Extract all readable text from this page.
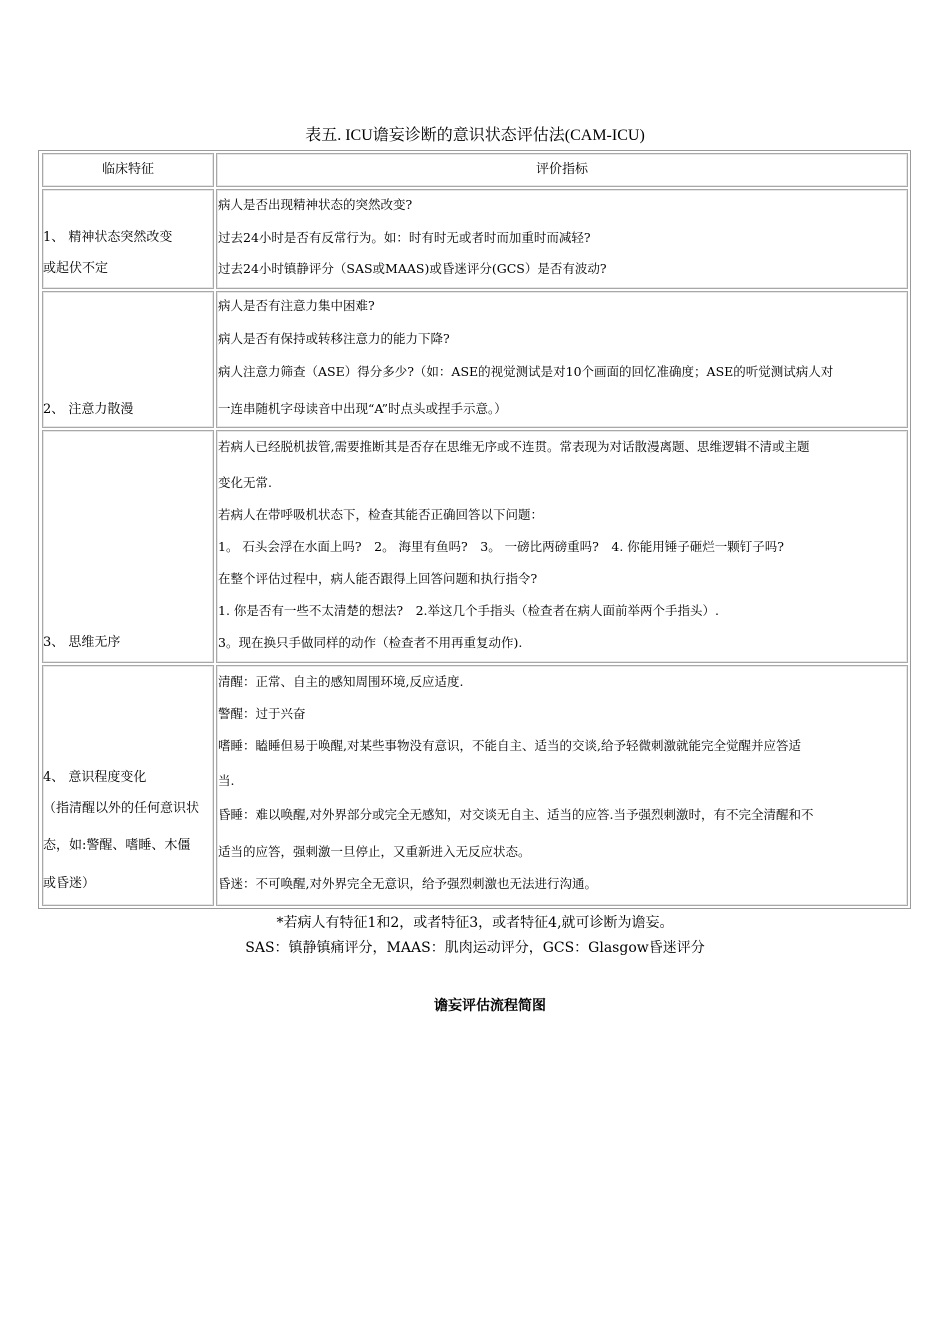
表五. ICU谵妄诊断的意识状态评估法(CAM-ICU)
临床特征	评价指标
1、 精神状态突然改变
或起伏不定
病人是否出现精神状态的突然改变?
过去24小时是否有反常行为。如：时有时无或者时而加重时而减轻?
过去24小时镇静评分（SAS或MAAS)或昏迷评分(GCS）是否有波动?
2、 注意力散漫
病人是否有注意力集中困难?
病人是否有保持或转移注意力的能力下降?
病人注意力筛查（ASE）得分多少?（如：ASE的视觉测试是对10个画面的回忆准确度；ASE的听觉测试病人对
一连串随机字母读音中出现“A”时点头或捏手示意。）
3、 思维无序
若病人已经脱机拔管,需要推断其是否存在思维无序或不连贯。常表现为对话散漫离题、思维逻辑不清或主题
变化无常.
若病人在带呼吸机状态下，检查其能否正确回答以下问题：
1。 石头会浮在水面上吗?　2。 海里有鱼吗?　3。 一磅比两磅重吗?　4. 你能用锤子砸烂一颗钉子吗?
在整个评估过程中，病人能否跟得上回答问题和执行指令?
1. 你是否有一些不太清楚的想法?　2.举这几个手指头（检查者在病人面前举两个手指头）.
3。现在换只手做同样的动作（检查者不用再重复动作).
4、 意识程度变化
（指清醒以外的任何意识状
态，如:警醒、嗜睡、木僵
或昏迷）
清醒：正常、自主的感知周围环境,反应适度.
警醒：过于兴奋
嗜睡：瞌睡但易于唤醒,对某些事物没有意识，不能自主、适当的交谈,给予轻微刺激就能完全觉醒并应答适
当.
昏睡：难以唤醒,对外界部分或完全无感知，对交谈无自主、适当的应答.当予强烈刺激时，有不完全清醒和不
适当的应答，强刺激一旦停止，又重新进入无反应状态。
昏迷：不可唤醒,对外界完全无意识，给予强烈刺激也无法进行沟通。
*若病人有特征1和2，或者特征3，或者特征4,就可诊断为谵妄。
SAS：镇静镇痛评分，MAAS：肌肉运动评分，GCS：Glasgow昏迷评分
谵妄评估流程简图
